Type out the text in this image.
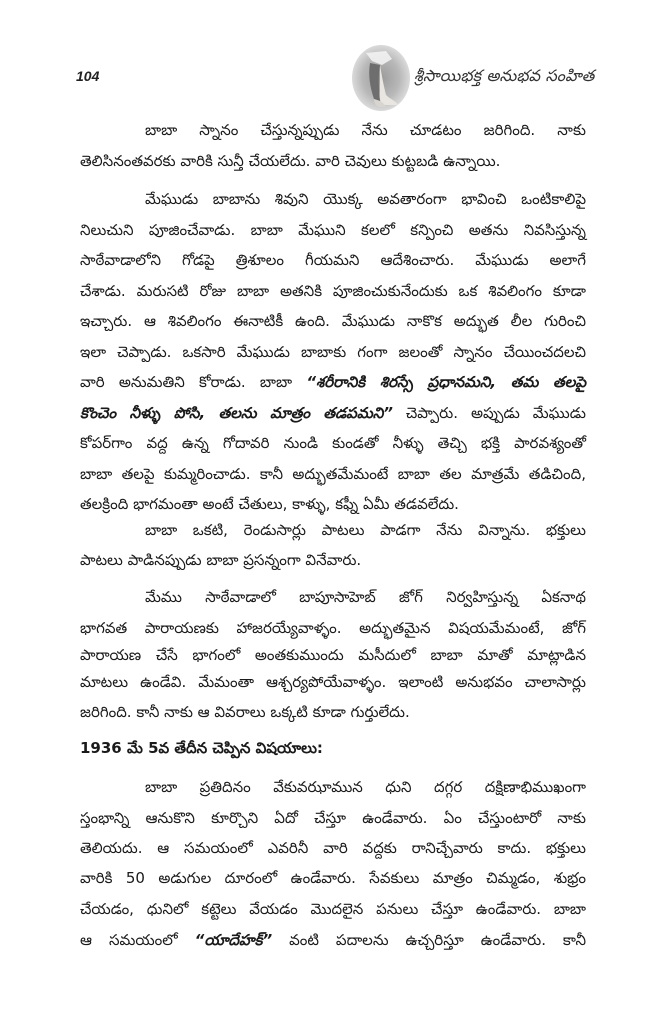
104	శ్రీసాయిభక్త అనుభవ సంహిత
బాబా స్నానం చేస్తున్నప్పుడు నేను చూడటం జరిగింది. నాకు
తెలిసినంతవరకు వారికి సున్తీ చేయలేదు. వారి చెవులు కుట్టబడి ఉన్నాయి.
మేఘుడు బాబాను శివుని యొక్క అవతారంగా భావించి ఒంటికాలిపై
నిలుచుని పూజించేవాడు. బాబా మేఘుని కలలో కన్పించి అతను నివసిస్తున్న
సాఠేవాడాలోని గోడపై త్రిశూలం గీయమని ఆదేశించారు. మేఘుడు అలాగే
చేశాడు. మరుసటి రోజు బాబా అతనికి పూజించుకునేందుకు ఒక శివలింగం కూడా
ఇచ్చారు. ఆ శివలింగం ఈనాటికీ ఉంది. మేఘుడు నాకొక అద్భుత లీల గురించి
ఇలా చెప్పాడు. ఒకసారి మేఘుడు బాబాకు గంగా జలంతో స్నానం చేయించదలచి
వారి అనుమతిని కోరాడు. బాబా “శరీరానికి శిరస్సే ప్రధానమని, తమ తలపై
కొంచెం నీళ్ళు పోసి, తలను మాత్రం తడపమని” చెప్పారు. అప్పుడు మేఘుడు
కోపర్‌గాం వద్ద ఉన్న గోదావరి నుండి కుండతో నీళ్ళు తెచ్చి భక్తి పారవశ్యంతో
బాబా తలపై కుమ్మరించాడు. కానీ అద్భుతమేమంటే బాబా తల మాత్రమే తడిచింది,
తలక్రింది భాగమంతా అంటే చేతులు, కాళ్ళు, కఫ్నీ ఏమీ తడవలేదు.
బాబా ఒకటి, రెండుసార్లు పాటలు పాడగా నేను విన్నాను. భక్తులు
పాటలు పాడినప్పుడు బాబా ప్రసన్నంగా వినేవారు.
మేము సాఠేవాడాలో బాపూసాహెబ్ జోగ్ నిర్వహిస్తున్న ఏకనాథ
భాగవత పారాయణకు హాజరయ్యేవాళ్ళం. అద్భుతమైన విషయమేమంటే, జోగ్
పారాయణ చేసే భాగంలో అంతకుముందు మసీదులో బాబా మాతో మాట్లాడిన
మాటలు ఉండేవి. మేమంతా ఆశ్చర్యపోయేవాళ్ళం. ఇలాంటి అనుభవం చాలాసార్లు
జరిగింది. కానీ నాకు ఆ వివరాలు ఒక్కటి కూడా గుర్తులేదు.
1936 మే 5వ తేదీన చెప్పిన విషయాలు:
బాబా ప్రతిదినం వేకువఝామున ధుని దగ్గర దక్షిణాభిముఖంగా
స్తంభాన్ని ఆనుకొని కూర్చొని ఏదో చేస్తూ ఉండేవారు. ఏం చేస్తుంటారో నాకు
తెలియదు. ఆ సమయంలో ఎవరినీ వారి వద్దకు రానిచ్చేవారు కాదు. భక్తులు
వారికి 50 అడుగుల దూరంలో ఉండేవారు. సేవకులు మాత్రం చిమ్మడం, శుభ్రం
చేయడం, ధునిలో కట్టెలు వేయడం మొదలైన పనులు చేస్తూ ఉండేవారు. బాబా
ఆ సమయంలో “యాదేహక్” వంటి పదాలను ఉచ్చరిస్తూ ఉండేవారు. కానీ
